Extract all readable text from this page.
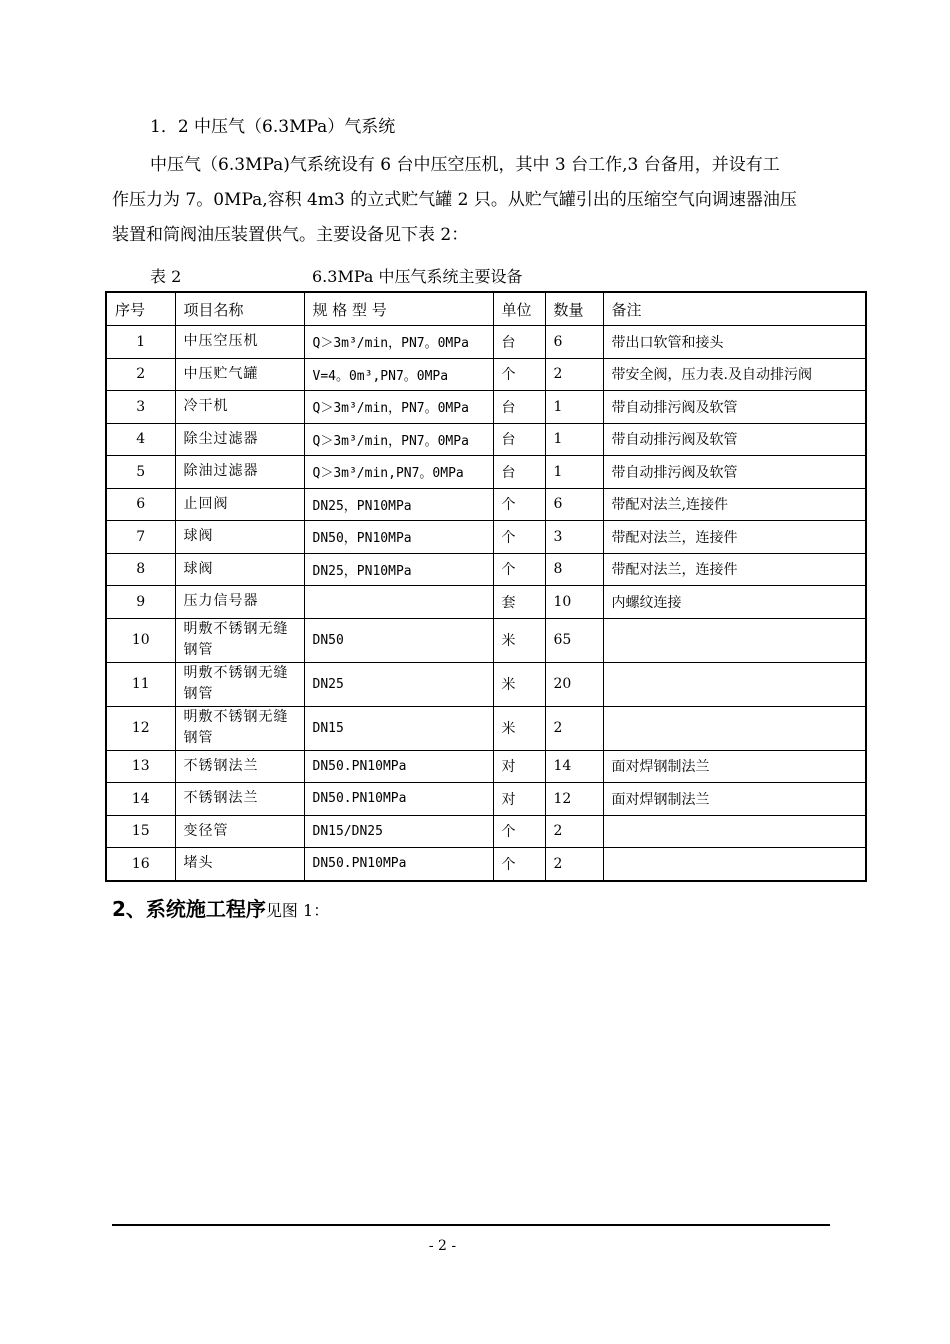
1．2 中压气（6.3MPa）气系统
中压气（6.3MPa)气系统设有 6 台中压空压机，其中 3 台工作,3 台备用，并设有工
作压力为 7。0MPa,容积 4m3 的立式贮气罐 2 只。从贮气罐引出的压缩空气向调速器油压
装置和筒阀油压装置供气。主要设备见下表 2：
表 2	6.3MPa 中压气系统主要设备
序号	项目名称	规 格 型 号	单位	数量	备注
1	中压空压机	Q＞3m³/min，PN7。0MPa	台	6	带出口软管和接头
2	中压贮气罐	V=4。0m³,PN7。0MPa	个	2	带安全阀，压力表.及自动排污阀
3	冷干机	Q＞3m³/min，PN7。0MPa	台	1	带自动排污阀及软管
4	除尘过滤器	Q＞3m³/min，PN7。0MPa	台	1	带自动排污阀及软管
5	除油过滤器	Q＞3m³/min,PN7。0MPa	台	1	带自动排污阀及软管
6	止回阀	DN25，PN10MPa	个	6	带配对法兰,连接件
7	球阀	DN50，PN10MPa	个	3	带配对法兰，连接件
8	球阀	DN25，PN10MPa	个	8	带配对法兰，连接件
9	压力信号器		套	10	内螺纹连接
10	明敷不锈钢无缝钢管	DN50	米	65	
11	明敷不锈钢无缝钢管	DN25	米	20	
12	明敷不锈钢无缝钢管	DN15	米	2	
13	不锈钢法兰	DN50.PN10MPa	对	14	面对焊钢制法兰
14	不锈钢法兰	DN50.PN10MPa	对	12	面对焊钢制法兰
15	变径管	DN15/DN25	个	2	
16	堵头	DN50.PN10MPa	个	2	
2、系统施工程序见图 1：
- 2 -
